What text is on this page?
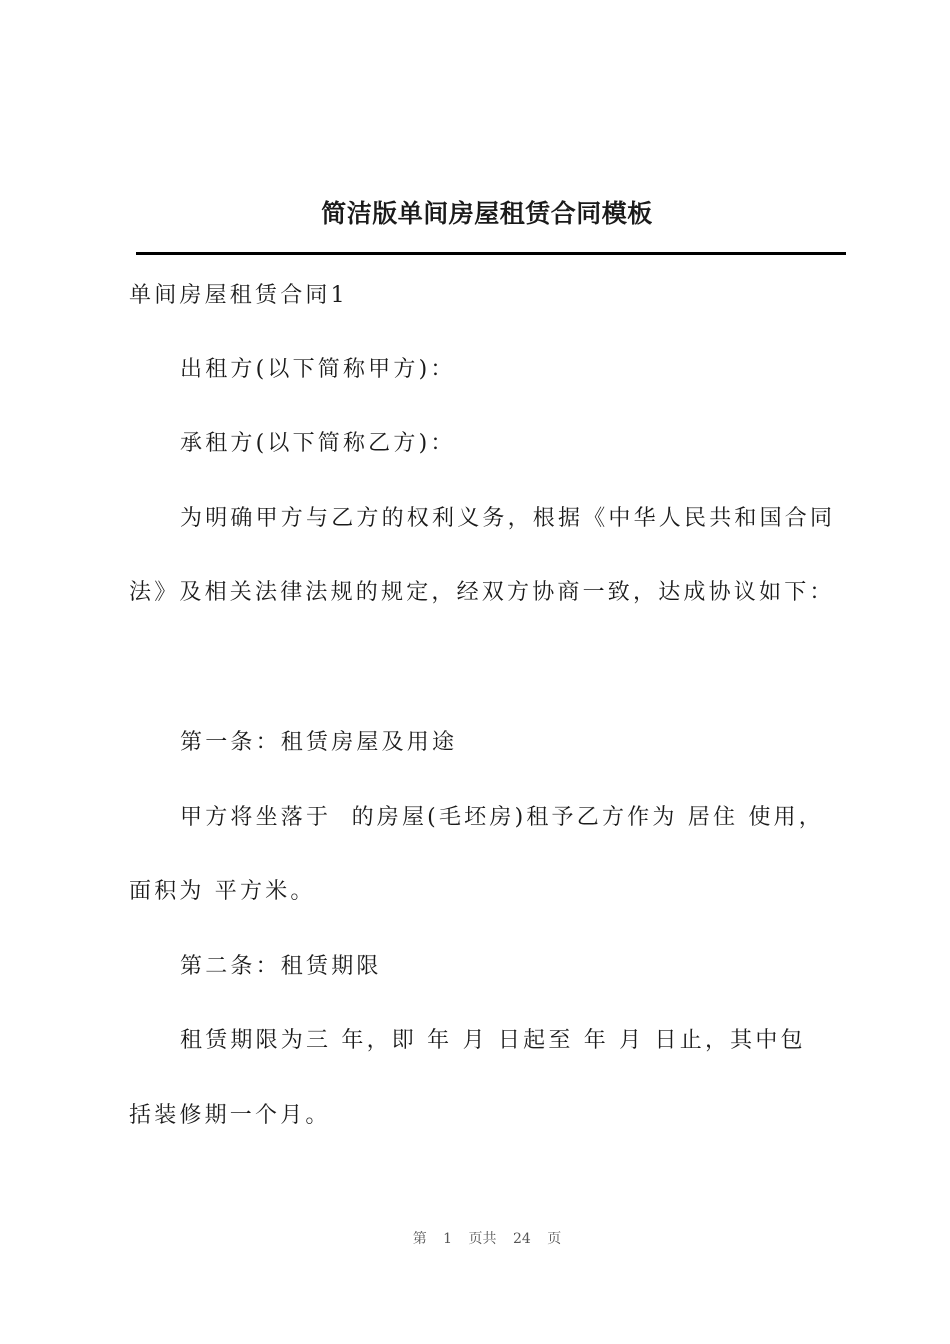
简洁版单间房屋租赁合同模板
单间房屋租赁合同1
出租方(以下简称甲方)：
承租方(以下简称乙方)：
为明确甲方与乙方的权利义务，根据《中华人民共和国合同
法》及相关法律法规的规定，经双方协商一致，达成协议如下：
第一条：租赁房屋及用途
甲方将坐落于  的房屋(毛坯房)租予乙方作为 居住 使用，
面积为 平方米。
第二条：租赁期限
租赁期限为三 年，即 年 月 日起至 年 月 日止，其中包
括装修期一个月。
第 1 页共 24 页
